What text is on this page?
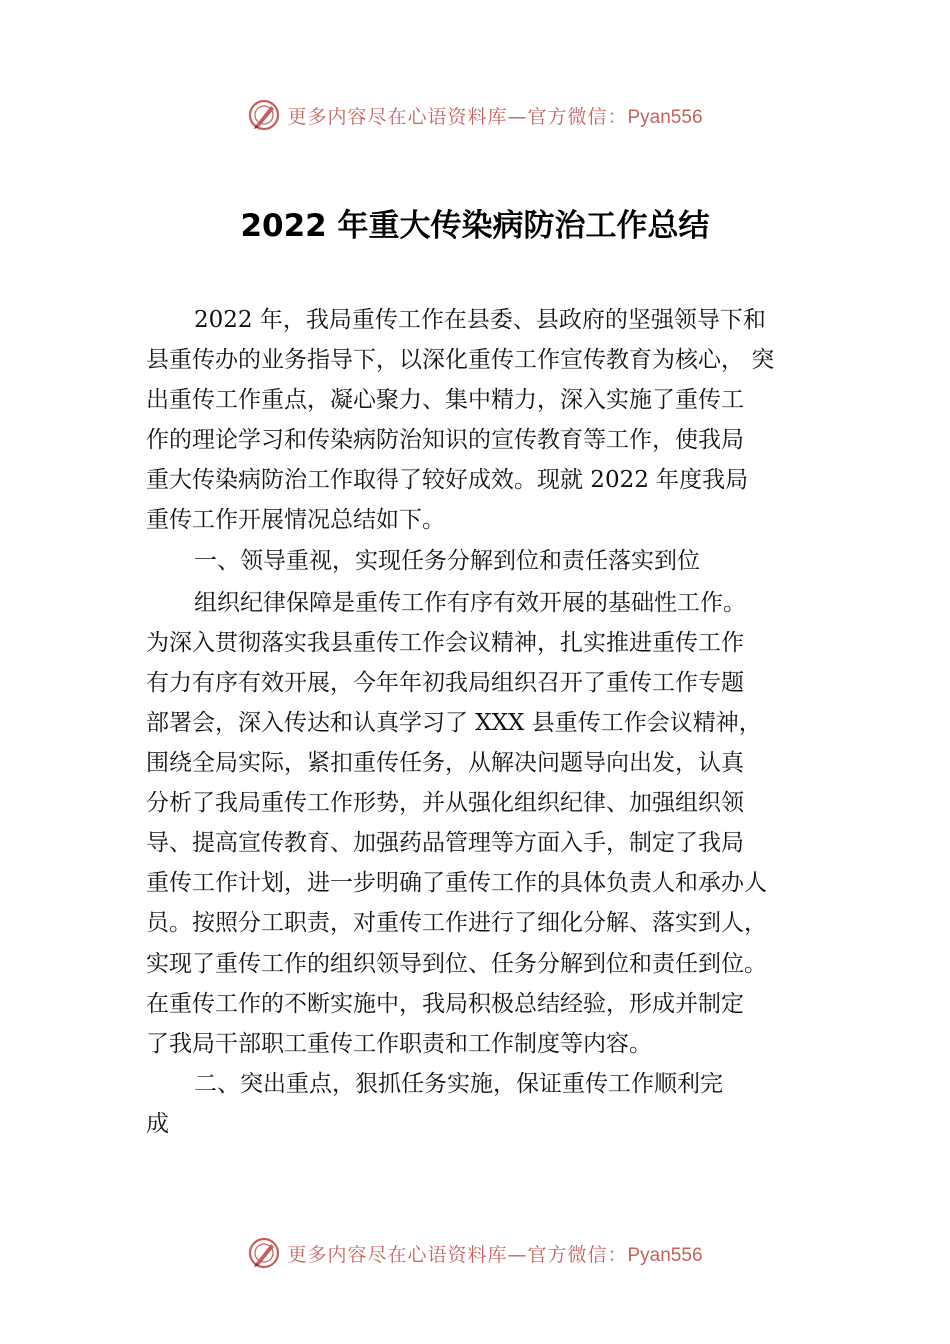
更多内容尽在心语资料库—官方微信：Pyan556
2022 年重大传染病防治工作总结
2022 年，我局重传工作在县委、县政府的坚强领导下和
县重传办的业务指导下，以深化重传工作宣传教育为核心， 突
出重传工作重点，凝心聚力、集中精力，深入实施了重传工
作的理论学习和传染病防治知识的宣传教育等工作，使我局
重大传染病防治工作取得了较好成效。现就 2022 年度我局
重传工作开展情况总结如下。
一、领导重视，实现任务分解到位和责任落实到位
组织纪律保障是重传工作有序有效开展的基础性工作。
为深入贯彻落实我县重传工作会议精神，扎实推进重传工作
有力有序有效开展，今年年初我局组织召开了重传工作专题
部署会，深入传达和认真学习了 XXX 县重传工作会议精神，
围绕全局实际，紧扣重传任务，从解决问题导向出发，认真
分析了我局重传工作形势，并从强化组织纪律、加强组织领
导、提高宣传教育、加强药品管理等方面入手，制定了我局
重传工作计划，进一步明确了重传工作的具体负责人和承办人
员。按照分工职责，对重传工作进行了细化分解、落实到人，
实现了重传工作的组织领导到位、任务分解到位和责任到位。
在重传工作的不断实施中，我局积极总结经验，形成并制定
了我局干部职工重传工作职责和工作制度等内容。
二、突出重点，狠抓任务实施，保证重传工作顺利完
成
更多内容尽在心语资料库—官方微信：Pyan556
